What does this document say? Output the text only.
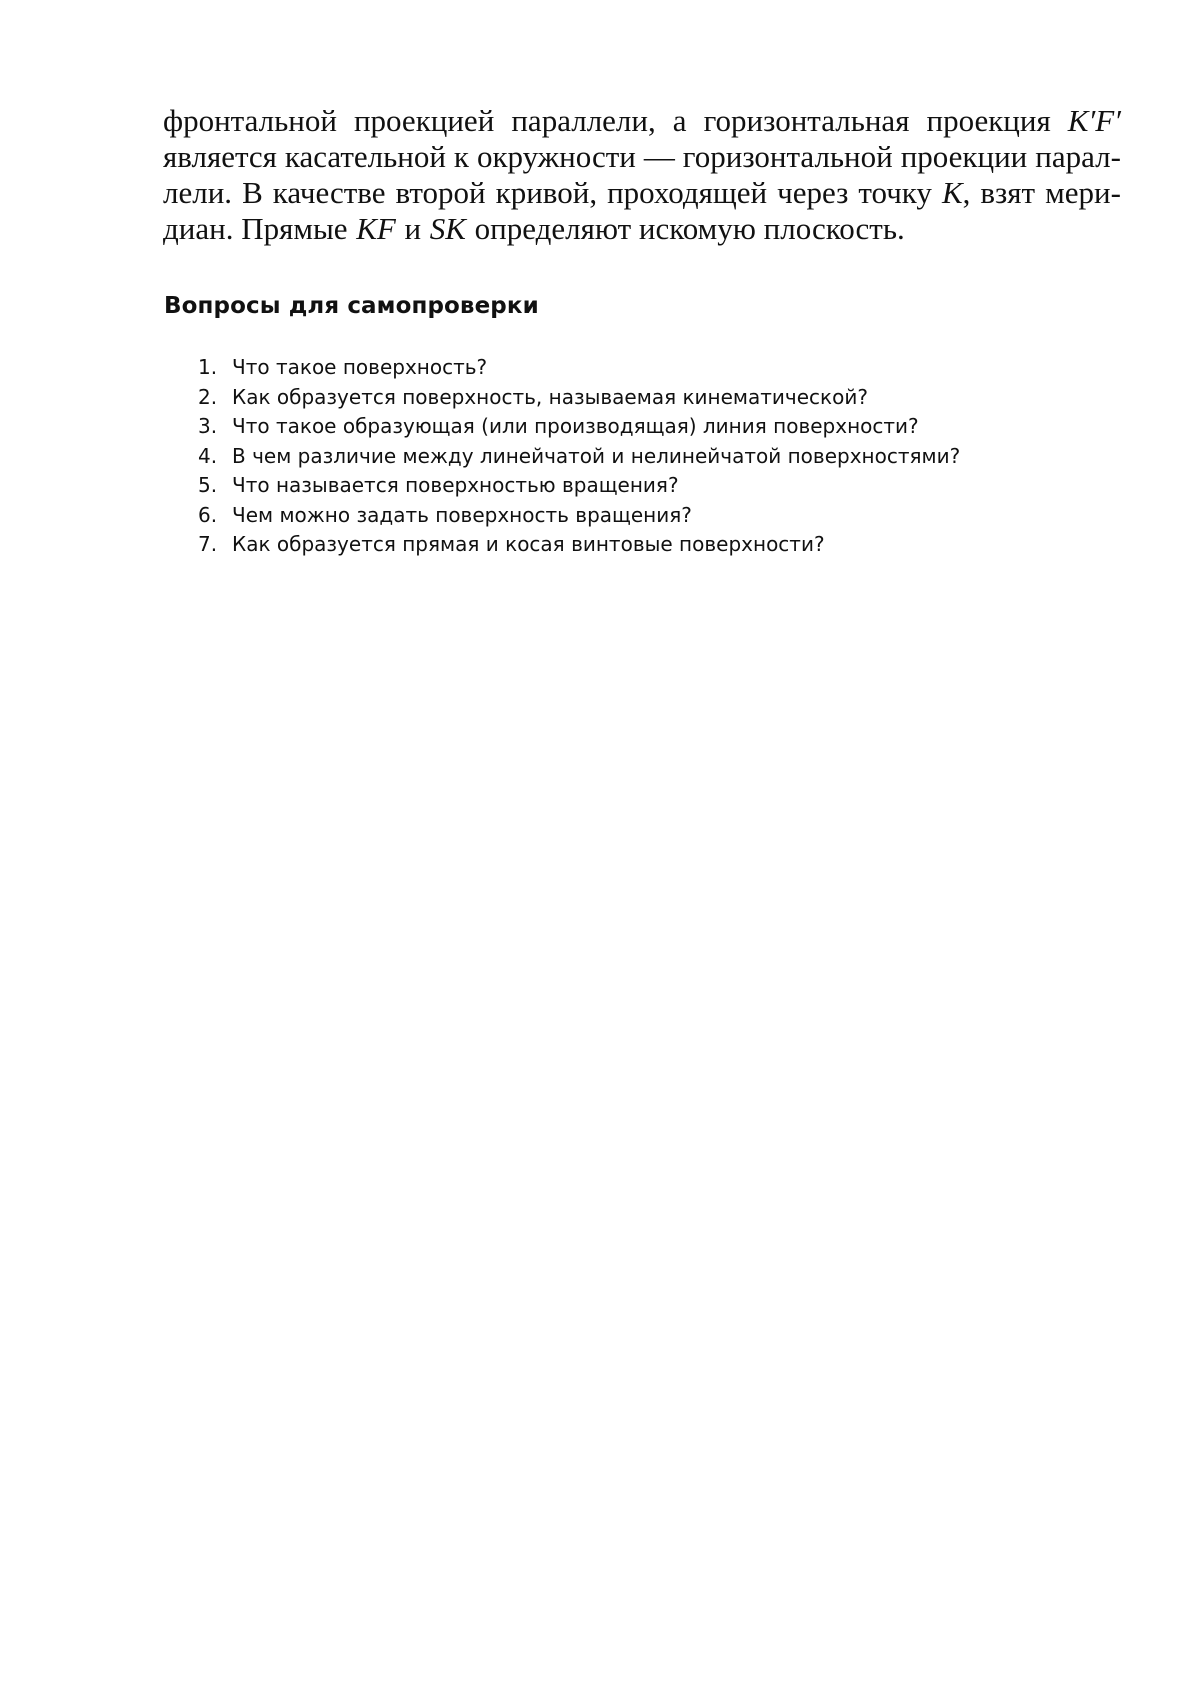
фронтальной проекцией параллели, а горизонтальная проекция K′F′
является касательной к окружности — горизонтальной проекции парал-
лели. В качестве второй кривой, проходящей через точку K, взят мери-
диан. Прямые KF и SK определяют искомую плоскость.
Вопросы для самопроверки
1. Что такое поверхность?
2. Как образуется поверхность, называемая кинематической?
3. Что такое образующая (или производящая) линия поверхности?
4. В чем различие между линейчатой и нелинейчатой поверхностями?
5. Что называется поверхностью вращения?
6. Чем можно задать поверхность вращения?
7. Как образуется прямая и косая винтовые поверхности?
